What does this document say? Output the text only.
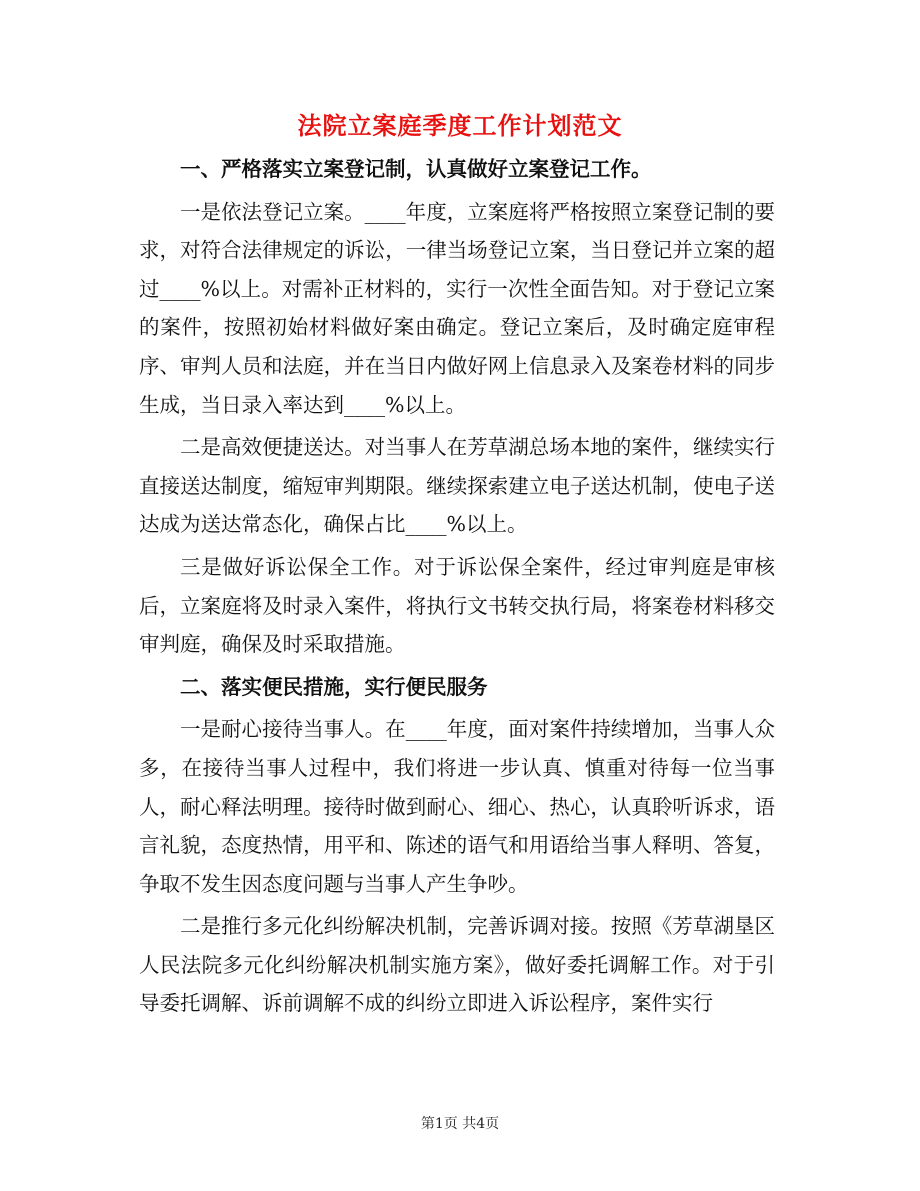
法院立案庭季度工作计划范文

一、严格落实立案登记制，认真做好立案登记工作。

一是依法登记立案。____年度，立案庭将严格按照立案登记制的要求，对符合法律规定的诉讼，一律当场登记立案，当日登记并立案的超过____%以上。对需补正材料的，实行一次性全面告知。对于登记立案的案件，按照初始材料做好案由确定。登记立案后，及时确定庭审程序、审判人员和法庭，并在当日内做好网上信息录入及案卷材料的同步生成，当日录入率达到____%以上。

二是高效便捷送达。对当事人在芳草湖总场本地的案件，继续实行直接送达制度，缩短审判期限。继续探索建立电子送达机制，使电子送达成为送达常态化，确保占比____%以上。

三是做好诉讼保全工作。对于诉讼保全案件，经过审判庭是审核后，立案庭将及时录入案件，将执行文书转交执行局，将案卷材料移交审判庭，确保及时采取措施。

二、落实便民措施，实行便民服务

一是耐心接待当事人。在____年度，面对案件持续增加，当事人众多，在接待当事人过程中，我们将进一步认真、慎重对待每一位当事人，耐心释法明理。接待时做到耐心、细心、热心，认真聆听诉求，语言礼貌，态度热情，用平和、陈述的语气和用语给当事人释明、答复，争取不发生因态度问题与当事人产生争吵。

二是推行多元化纠纷解决机制，完善诉调对接。按照《芳草湖垦区人民法院多元化纠纷解决机制实施方案》，做好委托调解工作。对于引导委托调解、诉前调解不成的纠纷立即进入诉讼程序，案件实行

第1页 共4页
